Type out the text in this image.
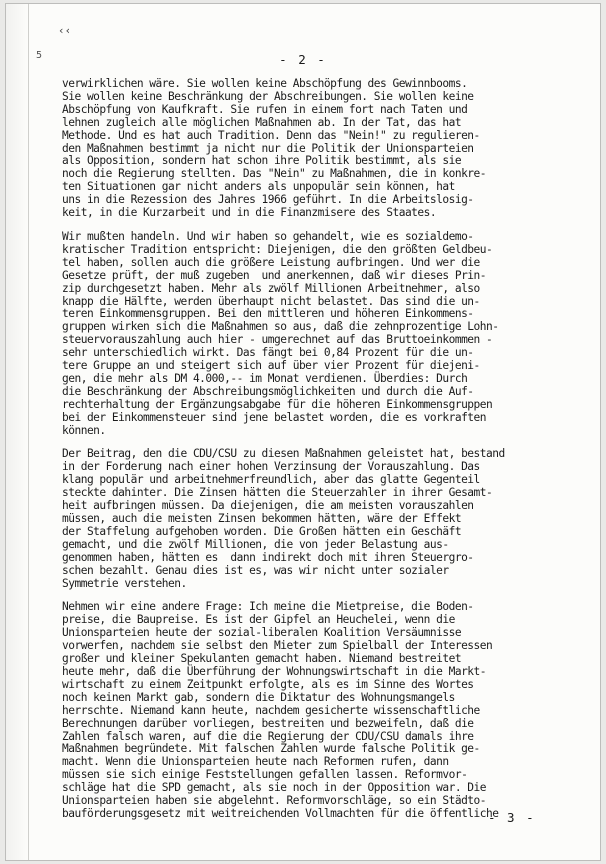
‹‹
5	- 2 -
verwirklichen wäre. Sie wollen keine Abschöpfung des Gewinnbooms.
Sie wollen keine Beschränkung der Abschreibungen. Sie wollen keine
Abschöpfung von Kaufkraft. Sie rufen in einem fort nach Taten und
lehnen zugleich alle möglichen Maßnahmen ab. In der Tat, das hat
Methode. Und es hat auch Tradition. Denn das "Nein!" zu regulieren-
den Maßnahmen bestimmt ja nicht nur die Politik der Unionsparteien
als Opposition, sondern hat schon ihre Politik bestimmt, als sie
noch die Regierung stellten. Das "Nein" zu Maßnahmen, die in konkre-
ten Situationen gar nicht anders als unpopulär sein können, hat
uns in die Rezession des Jahres 1966 geführt. In die Arbeitslosig-
keit, in die Kurzarbeit und in die Finanzmisere des Staates.
Wir mußten handeln. Und wir haben so gehandelt, wie es sozialdemo-
kratischer Tradition entspricht: Diejenigen, die den größten Geldbeu-
tel haben, sollen auch die größere Leistung aufbringen. Und wer die
Gesetze prüft, der muß zugeben  und anerkennen, daß wir dieses Prin-
zip durchgesetzt haben. Mehr als zwölf Millionen Arbeitnehmer, also
knapp die Hälfte, werden überhaupt nicht belastet. Das sind die un-
teren Einkommensgruppen. Bei den mittleren und höheren Einkommens-
gruppen wirken sich die Maßnahmen so aus, daß die zehnprozentige Lohn-
steuervorauszahlung auch hier - umgerechnet auf das Bruttoeinkommen -
sehr unterschiedlich wirkt. Das fängt bei 0,84 Prozent für die un-
tere Gruppe an und steigert sich auf über vier Prozent für diejeni-
gen, die mehr als DM 4.000,-- im Monat verdienen. Überdies: Durch
die Beschränkung der Abschreibungsmöglichkeiten und durch die Auf-
rechterhaltung der Ergänzungsabgabe für die höheren Einkommensgruppen
bei der Einkommensteuer sind jene belastet worden, die es vorkraften
können.
Der Beitrag, den die CDU/CSU zu diesen Maßnahmen geleistet hat, bestand
in der Forderung nach einer hohen Verzinsung der Vorauszahlung. Das
klang populär und arbeitnehmerfreundlich, aber das glatte Gegenteil
steckte dahinter. Die Zinsen hätten die Steuerzahler in ihrer Gesamt-
heit aufbringen müssen. Da diejenigen, die am meisten vorauszahlen
müssen, auch die meisten Zinsen bekommen hätten, wäre der Effekt
der Staffelung aufgehoben worden. Die Großen hätten ein Geschäft
gemacht, und die zwölf Millionen, die von jeder Belastung aus-
genommen haben, hätten es  dann indirekt doch mit ihren Steuergro-
schen bezahlt. Genau dies ist es, was wir nicht unter sozialer
Symmetrie verstehen.
Nehmen wir eine andere Frage: Ich meine die Mietpreise, die Boden-
preise, die Baupreise. Es ist der Gipfel an Heuchelei, wenn die
Unionsparteien heute der sozial-liberalen Koalition Versäumnisse
vorwerfen, nachdem sie selbst den Mieter zum Spielball der Interessen
großer und kleiner Spekulanten gemacht haben. Niemand bestreitet
heute mehr, daß die Überführung der Wohnungswirtschaft in die Markt-
wirtschaft zu einem Zeitpunkt erfolgte, als es im Sinne des Wortes
noch keinen Markt gab, sondern die Diktatur des Wohnungsmangels
herrschte. Niemand kann heute, nachdem gesicherte wissenschaftliche
Berechnungen darüber vorliegen, bestreiten und bezweifeln, daß die
Zahlen falsch waren, auf die die Regierung der CDU/CSU damals ihre
Maßnahmen begründete. Mit falschen Zahlen wurde falsche Politik ge-
macht. Wenn die Unionsparteien heute nach Reformen rufen, dann
müssen sie sich einige Feststellungen gefallen lassen. Reformvor-
schläge hat die SPD gemacht, als sie noch in der Opposition war. Die
Unionsparteien haben sie abgelehnt. Reformvorschläge, so ein Städto-
bauförderungsgesetz mit weitreichenden Vollmachten für die öffentliche
- 3 -
